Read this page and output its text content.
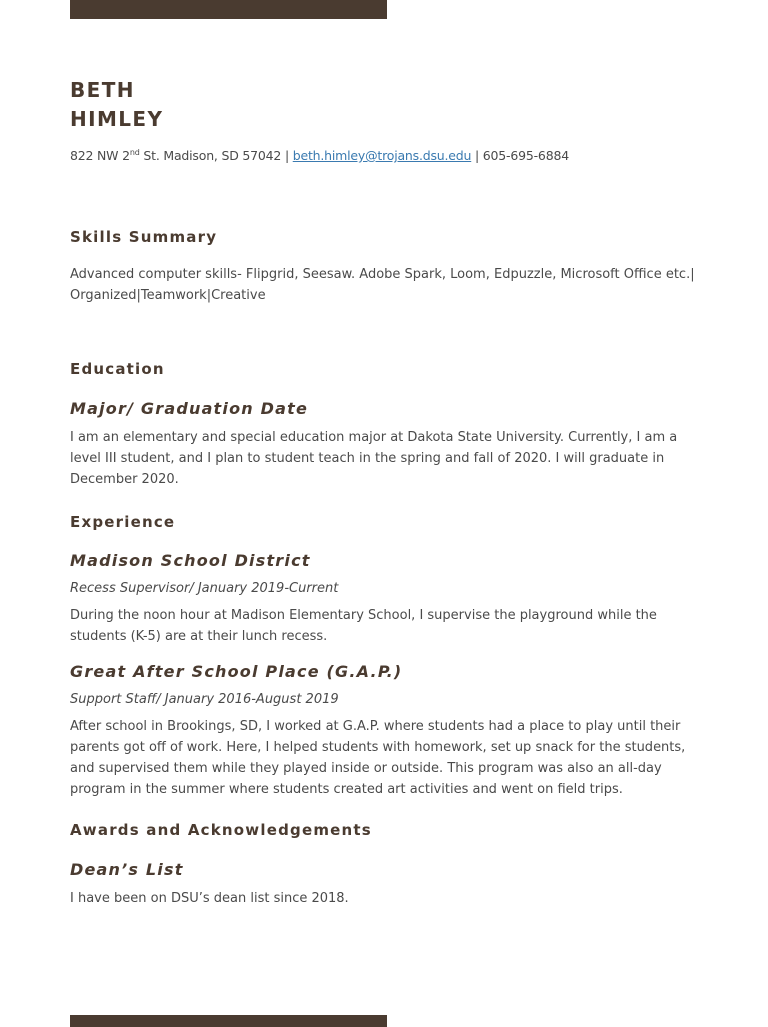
BETH
HIMLEY
822 NW 2nd St. Madison, SD 57042 | beth.himley@trojans.dsu.edu | 605-695-6884
Skills Summary

Advanced computer skills- Flipgrid, Seesaw. Adobe Spark, Loom, Edpuzzle, Microsoft Office etc.| Organized|Teamwork|Creative

Education
Major/ Graduation Date

I am an elementary and special education major at Dakota State University. Currently, I am a level III student, and I plan to student teach in the spring and fall of 2020. I will graduate in December 2020.

Experience
Madison School District

Recess Supervisor/ January 2019-Current

During the noon hour at Madison Elementary School, I supervise the playground while the students (K-5) are at their lunch recess.

Great After School Place (G.A.P.)

Support Staff/ January 2016-August 2019

After school in Brookings, SD, I worked at G.A.P. where students had a place to play until their parents got off of work. Here, I helped students with homework, set up snack for the students, and supervised them while they played inside or outside. This program was also an all-day program in the summer where students created art activities and went on field trips.

Awards and Acknowledgements
Dean’s List

I have been on DSU’s dean list since 2018.
